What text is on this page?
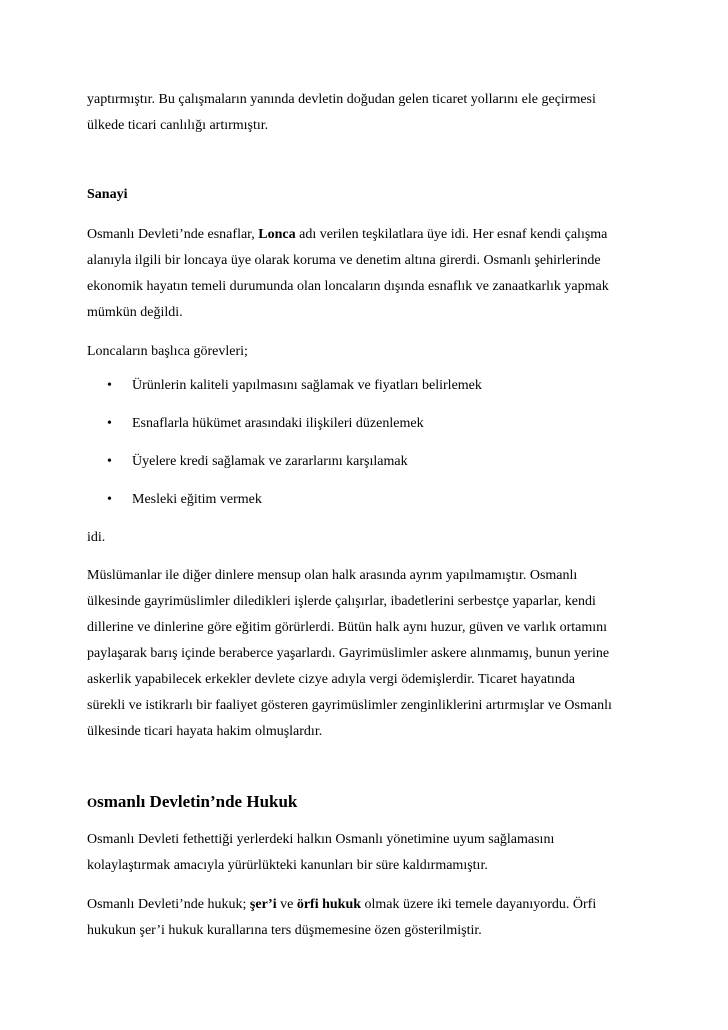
yaptırmıştır. Bu çalışmaların yanında devletin doğudan gelen ticaret yollarını ele geçirmesi
ülkede ticari canlılığı artırmıştır.
Sanayi
Osmanlı Devleti’nde esnaflar, Lonca adı verilen teşkilatlara üye idi. Her esnaf kendi çalışma
alanıyla ilgili bir loncaya üye olarak koruma ve denetim altına girerdi. Osmanlı şehirlerinde
ekonomik hayatın temeli durumunda olan loncaların dışında esnaflık ve zanaatkarlık yapmak
mümkün değildi.
Loncaların başlıca görevleri;
• Ürünlerin kaliteli yapılmasını sağlamak ve fiyatları belirlemek
• Esnaflarla hükümet arasındaki ilişkileri düzenlemek
• Üyelere kredi sağlamak ve zararlarını karşılamak
• Mesleki eğitim vermek
idi.
Müslümanlar ile diğer dinlere mensup olan halk arasında ayrım yapılmamıştır. Osmanlı
ülkesinde gayrimüslimler diledikleri işlerde çalışırlar, ibadetlerini serbestçe yaparlar, kendi
dillerine ve dinlerine göre eğitim görürlerdi. Bütün halk aynı huzur, güven ve varlık ortamını
paylaşarak barış içinde beraberce yaşarlardı. Gayrimüslimler askere alınmamış, bunun yerine
askerlik yapabilecek erkekler devlete cizye adıyla vergi ödemişlerdir. Ticaret hayatında
sürekli ve istikrarlı bir faaliyet gösteren gayrimüslimler zenginliklerini artırmışlar ve Osmanlı
ülkesinde ticari hayata hakim olmuşlardır.
Osmanlı Devletin’nde Hukuk
Osmanlı Devleti fethettiği yerlerdeki halkın Osmanlı yönetimine uyum sağlamasını
kolaylaştırmak amacıyla yürürlükteki kanunları bir süre kaldırmamıştır.
Osmanlı Devleti’nde hukuk; şer’i ve örfi hukuk olmak üzere iki temele dayanıyordu. Örfi
hukukun şer’i hukuk kurallarına ters düşmemesine özen gösterilmiştir.
